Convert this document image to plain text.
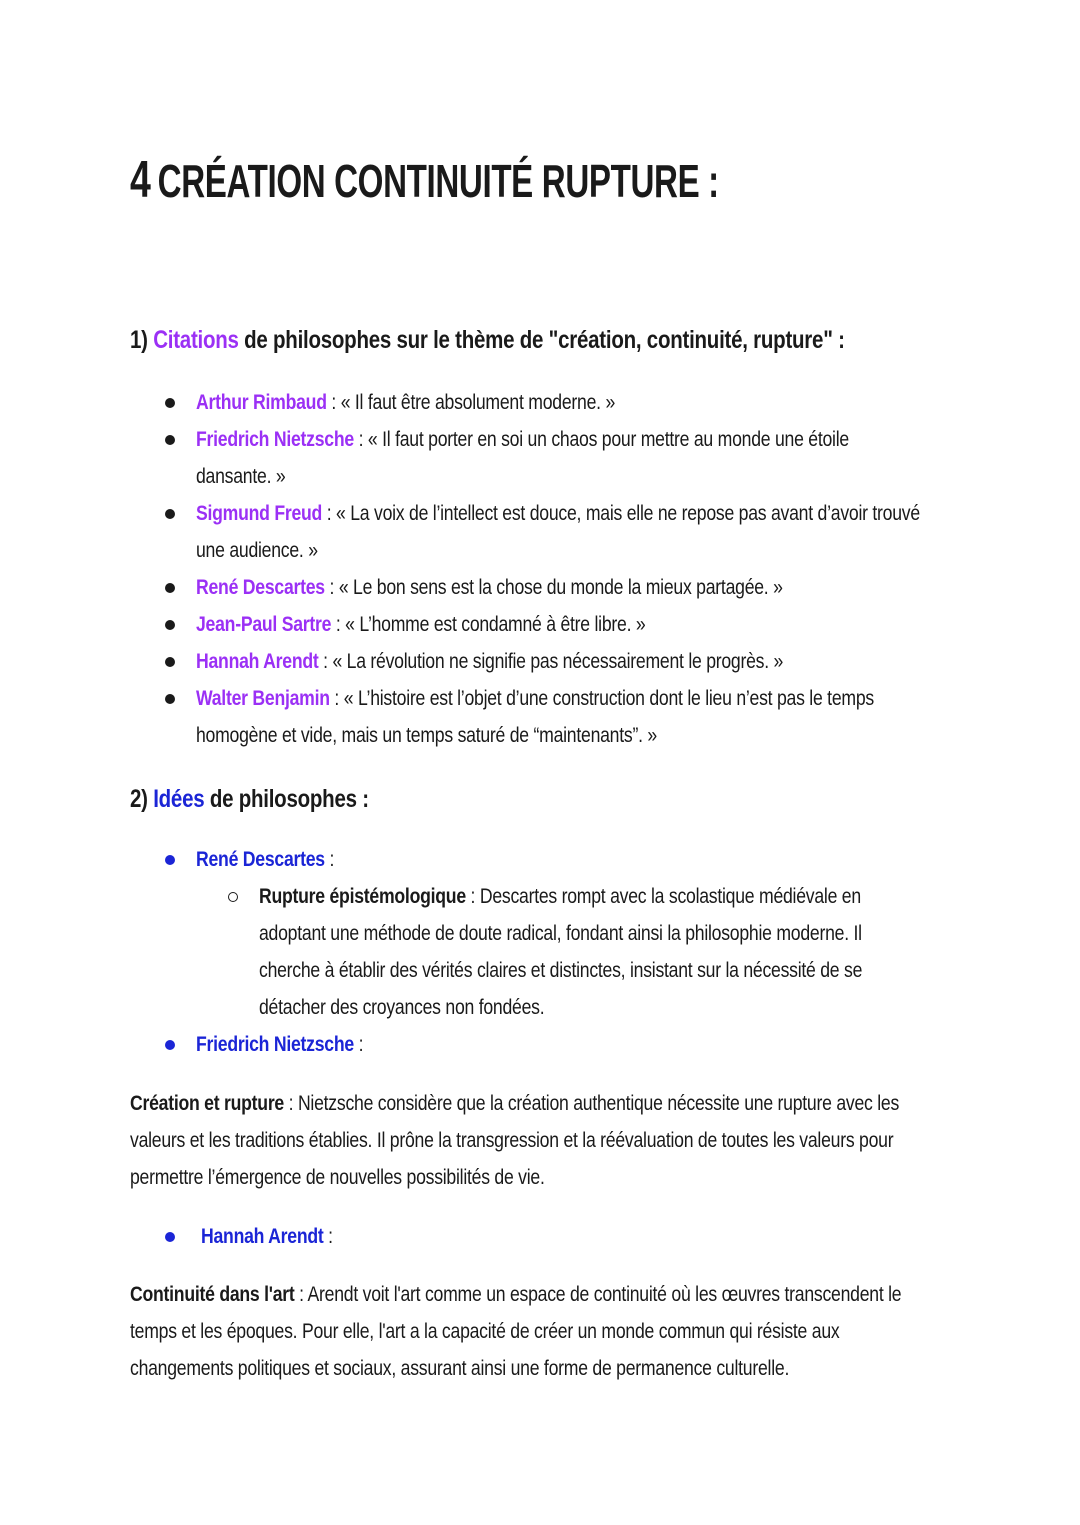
4 CRÉATION CONTINUITÉ RUPTURE :
1) Citations de philosophes sur le thème de "création, continuité, rupture" :
Arthur Rimbaud : « Il faut être absolument moderne. »
Friedrich Nietzsche : « Il faut porter en soi un chaos pour mettre au monde une étoile
dansante. »
Sigmund Freud : « La voix de l’intellect est douce, mais elle ne repose pas avant d’avoir trouvé
une audience. »
René Descartes : « Le bon sens est la chose du monde la mieux partagée. »
Jean-Paul Sartre : « L’homme est condamné à être libre. »
Hannah Arendt : « La révolution ne signifie pas nécessairement le progrès. »
Walter Benjamin : « L’histoire est l’objet d’une construction dont le lieu n’est pas le temps
homogène et vide, mais un temps saturé de “maintenants”. »
2) Idées de philosophes :
René Descartes :
Rupture épistémologique : Descartes rompt avec la scolastique médiévale en
adoptant une méthode de doute radical, fondant ainsi la philosophie moderne. Il
cherche à établir des vérités claires et distinctes, insistant sur la nécessité de se
détacher des croyances non fondées.
Friedrich Nietzsche :
Création et rupture : Nietzsche considère que la création authentique nécessite une rupture avec les
valeurs et les traditions établies. Il prône la transgression et la réévaluation de toutes les valeurs pour
permettre l’émergence de nouvelles possibilités de vie.
Hannah Arendt :
Continuité dans l'art : Arendt voit l'art comme un espace de continuité où les œuvres transcendent le
temps et les époques. Pour elle, l'art a la capacité de créer un monde commun qui résiste aux
changements politiques et sociaux, assurant ainsi une forme de permanence culturelle.
